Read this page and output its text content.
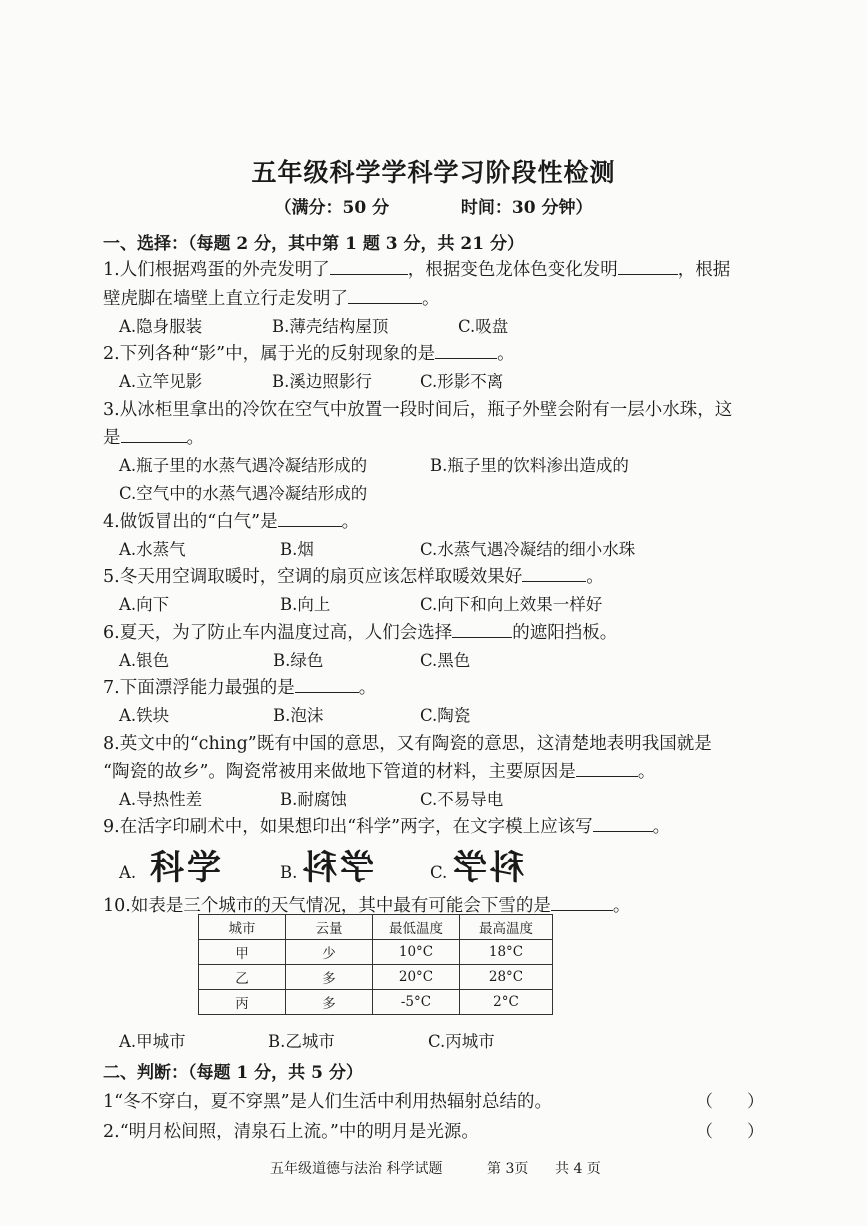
五年级科学学科学习阶段性检测
（满分：50 分	时间：30 分钟）
一、选择：（每题 2 分，其中第 1 题 3 分，共 21 分）
1.人们根据鸡蛋的外壳发明了	，根据变色龙体色变化发明	，根据
壁虎脚在墙壁上直立行走发明了	。
A.隐身服装	B.薄壳结构屋顶	C.吸盘
2.下列各种“影”中，属于光的反射现象的是	。
A.立竿见影	B.溪边照影行	C.形影不离
3.从冰柜里拿出的冷饮在空气中放置一段时间后，瓶子外壁会附有一层小水珠，这
是	。
A.瓶子里的水蒸气遇冷凝结形成的	B.瓶子里的饮料渗出造成的
C.空气中的水蒸气遇冷凝结形成的
4.做饭冒出的“白气”是	。
A.水蒸气	B.烟	C.水蒸气遇冷凝结的细小水珠
5.冬天用空调取暖时，空调的扇页应该怎样取暖效果好	。
A.向下	B.向上	C.向下和向上效果一样好
6.夏天，为了防止车内温度过高，人们会选择	的遮阳挡板。
A.银色	B.绿色	C.黑色
7.下面漂浮能力最强的是	。
A.铁块	B.泡沫	C.陶瓷
8.英文中的“ching”既有中国的意思，又有陶瓷的意思，这清楚地表明我国就是
“陶瓷的故乡”。陶瓷常被用来做地下管道的材料，主要原因是	。
A.导热性差	B.耐腐蚀	C.不易导电
9.在活字印刷术中，如果想印出“科学”两字，在文字模上应该写	。
A. 科学	B. 学科	C. 科学
10.如表是三个城市的天气情况，其中最有可能会下雪的是	。
城市	云量	最低温度	最高温度
甲	少	10°C	18°C
乙	多	20°C	28°C
丙	多	-5°C	2°C
A.甲城市	B.乙城市	C.丙城市
二、判断：（每题 1 分，共 5 分）
1“冬不穿白，夏不穿黑”是人们生活中利用热辐射总结的。	（　　）
2.“明月松间照，清泉石上流。”中的明月是光源。	（　　）
五年级道德与法治 科学试题	第 3页 共 4 页
